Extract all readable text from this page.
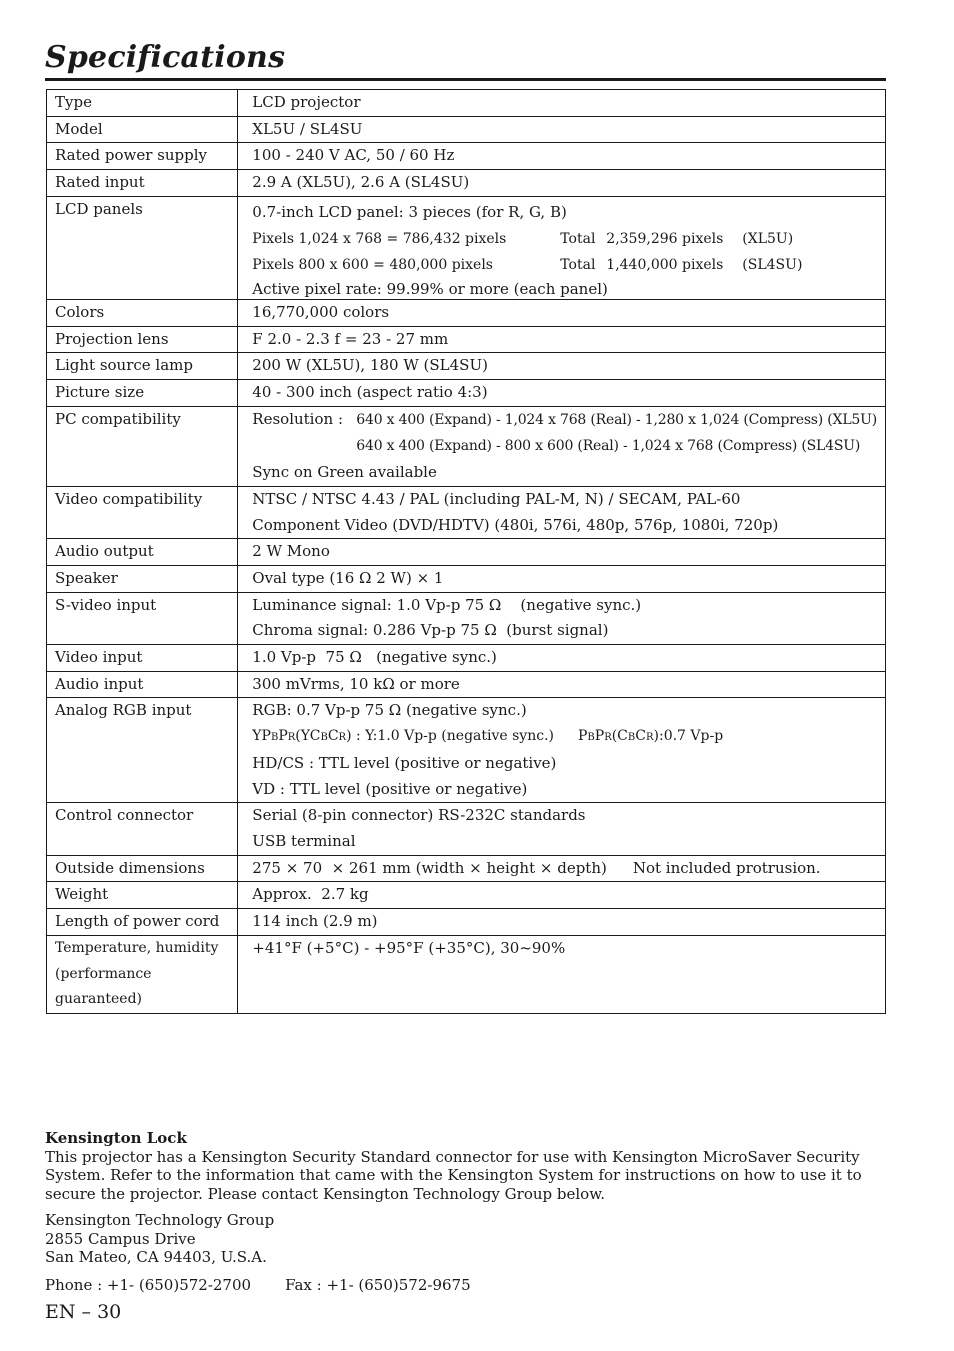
Specifications
Type	LCD projector
Model	XL5U / SL4SU
Rated power supply	100 - 240 V AC, 50 / 60 Hz
Rated input	2.9 A (XL5U), 2.6 A (SL4SU)
LCD panels	0.7-inch LCD panel: 3 pieces (for R, G, B)
Pixels 1,024 x 768 = 786,432 pixels Total 2,359,296 pixels (XL5U)
Pixels 800 x 600 = 480,000 pixels Total 1,440,000 pixels (SL4SU)
Active pixel rate: 99.99% or more (each panel)

Colors	16,770,000 colors
Projection lens	F 2.0 - 2.3 f = 23 - 27 mm
Light source lamp	200 W (XL5U), 180 W (SL4SU)
Picture size	40 - 300 inch (aspect ratio 4:3)
PC compatibility	Resolution : 640 x 400 (Expand) - 1,024 x 768 (Real) - 1,280 x 1,024 (Compress) (XL5U)
640 x 400 (Expand) - 800 x 600 (Real) - 1,024 x 768 (Compress) (SL4SU)
Sync on Green available

Video compatibility	NTSC / NTSC 4.43 / PAL (including PAL-M, N) / SECAM, PAL-60
Component Video (DVD/HDTV) (480i, 576i, 480p, 576p, 1080i, 720p)

Audio output	2 W Mono
Speaker	Oval type (16 Ω 2 W) × 1
S-video input	Luminance signal: 1.0 Vp-p 75 Ω    (negative sync.)
Chroma signal: 0.286 Vp-p 75 Ω  (burst signal)

Video input	1.0 Vp-p  75 Ω   (negative sync.)
Audio input	300 mVrms, 10 kΩ or more
Analog RGB input	RGB: 0.7 Vp-p 75 Ω (negative sync.)
YPBPR(YCBCR) : Y:1.0 Vp-p (negative sync.) PBPR(CBCR):0.7 Vp-p
HD/CS : TTL level (positive or negative)
VD : TTL level (positive or negative)

Control connector	Serial (8-pin connector) RS-232C standards
USB terminal

Outside dimensions	275 × 70  × 261 mm (width × height × depth) Not included protrusion.
Weight	Approx.  2.7 kg
Length of power cord	114 inch (2.9 m)

Temperature, humidity
(performance guaranteed)	+41°F (+5°C) - +95°F (+35°C), 30~90%

Kensington Lock

This projector has a Kensington Security Standard connector for use with Kensington MicroSaver Security

System. Refer to the information that came with the Kensington System for instructions on how to use it to

secure the projector. Please contact Kensington Technology Group below.

Kensington Technology Group

2855 Campus Drive

San Mateo, CA 94403, U.S.A.

Phone : +1- (650)572-2700 Fax : +1- (650)572-9675

EN – 30
